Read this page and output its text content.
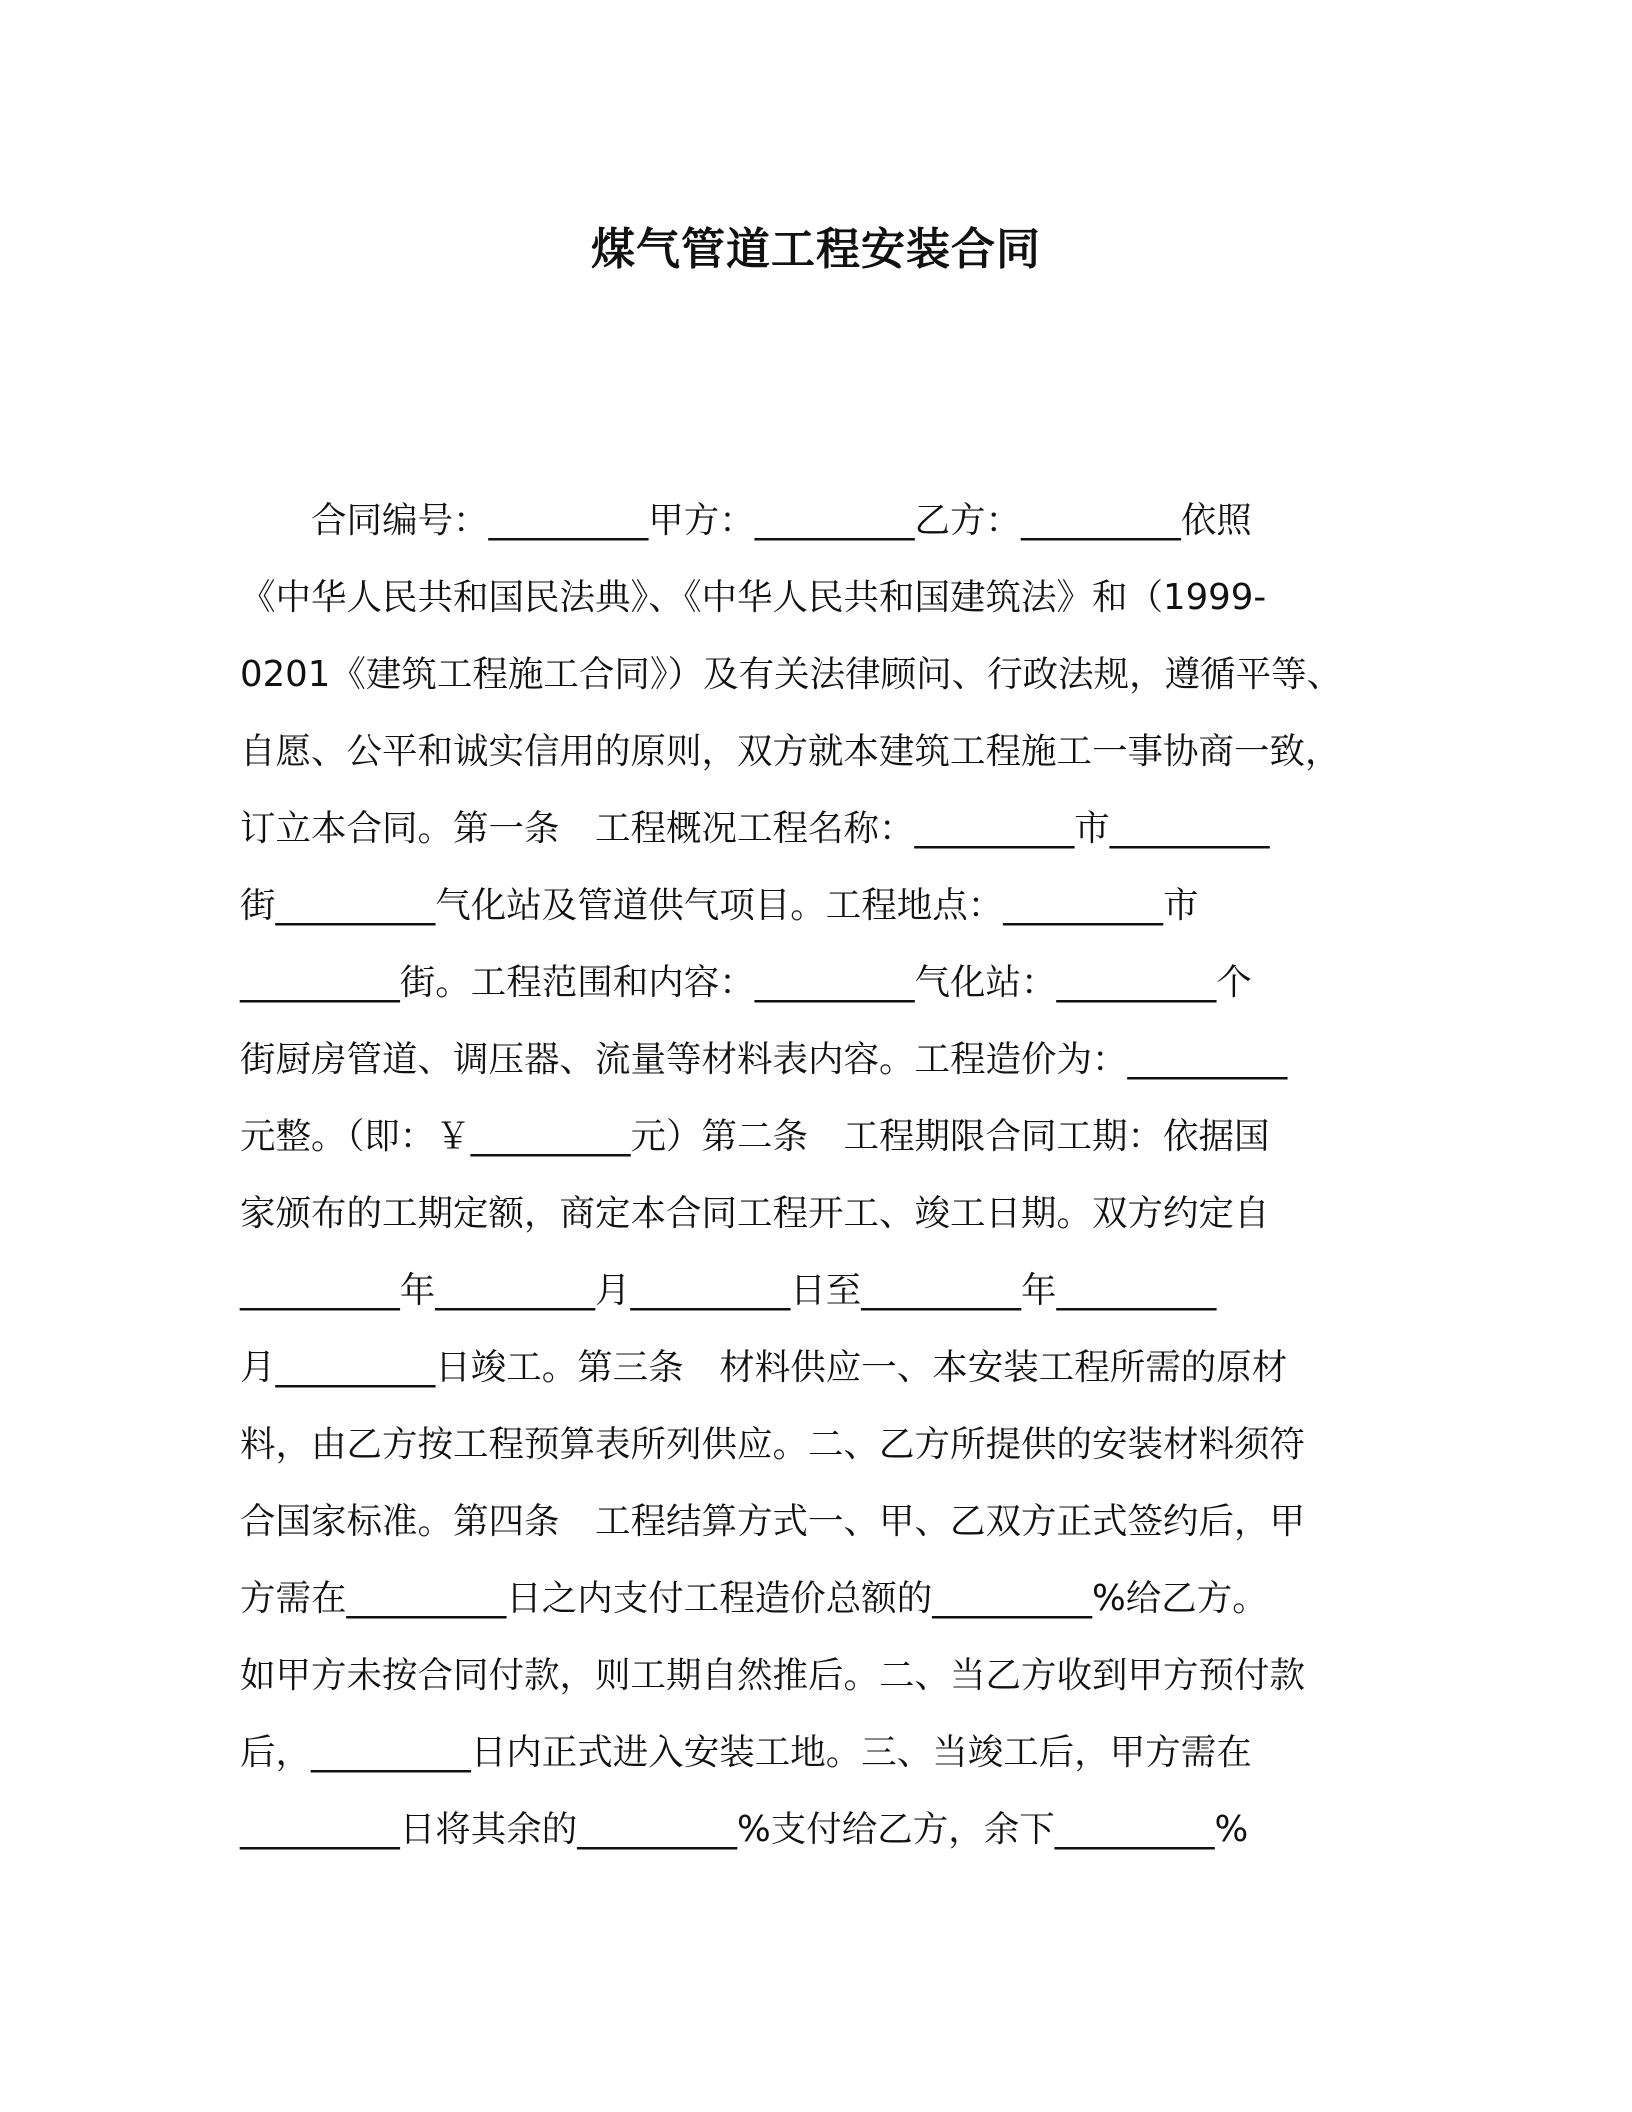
煤气管道工程安装合同
　　合同编号：_________甲方：_________乙方：_________依照
《中华人民共和国民法典》、《中华人民共和国建筑法》和（1999-
0201《建筑工程施工合同》）及有关法律顾问、行政法规，遵循平等、
自愿、公平和诚实信用的原则，双方就本建筑工程施工一事协商一致，
订立本合同。第一条　工程概况工程名称：_________市_________
街_________气化站及管道供气项目。工程地点：_________市
_________街。工程范围和内容：_________气化站：_________个
街厨房管道、调压器、流量等材料表内容。工程造价为：_________
元整。（即：￥_________元）第二条　工程期限合同工期：依据国
家颁布的工期定额，商定本合同工程开工、竣工日期。双方约定自
_________年_________月_________日至_________年_________
月_________日竣工。第三条　材料供应一、本安装工程所需的原材
料，由乙方按工程预算表所列供应。二、乙方所提供的安装材料须符
合国家标准。第四条　工程结算方式一、甲、乙双方正式签约后，甲
方需在_________日之内支付工程造价总额的_________%给乙方。
如甲方未按合同付款，则工期自然推后。二、当乙方收到甲方预付款
后，_________日内正式进入安装工地。三、当竣工后，甲方需在
_________日将其余的_________%支付给乙方，余下_________%
